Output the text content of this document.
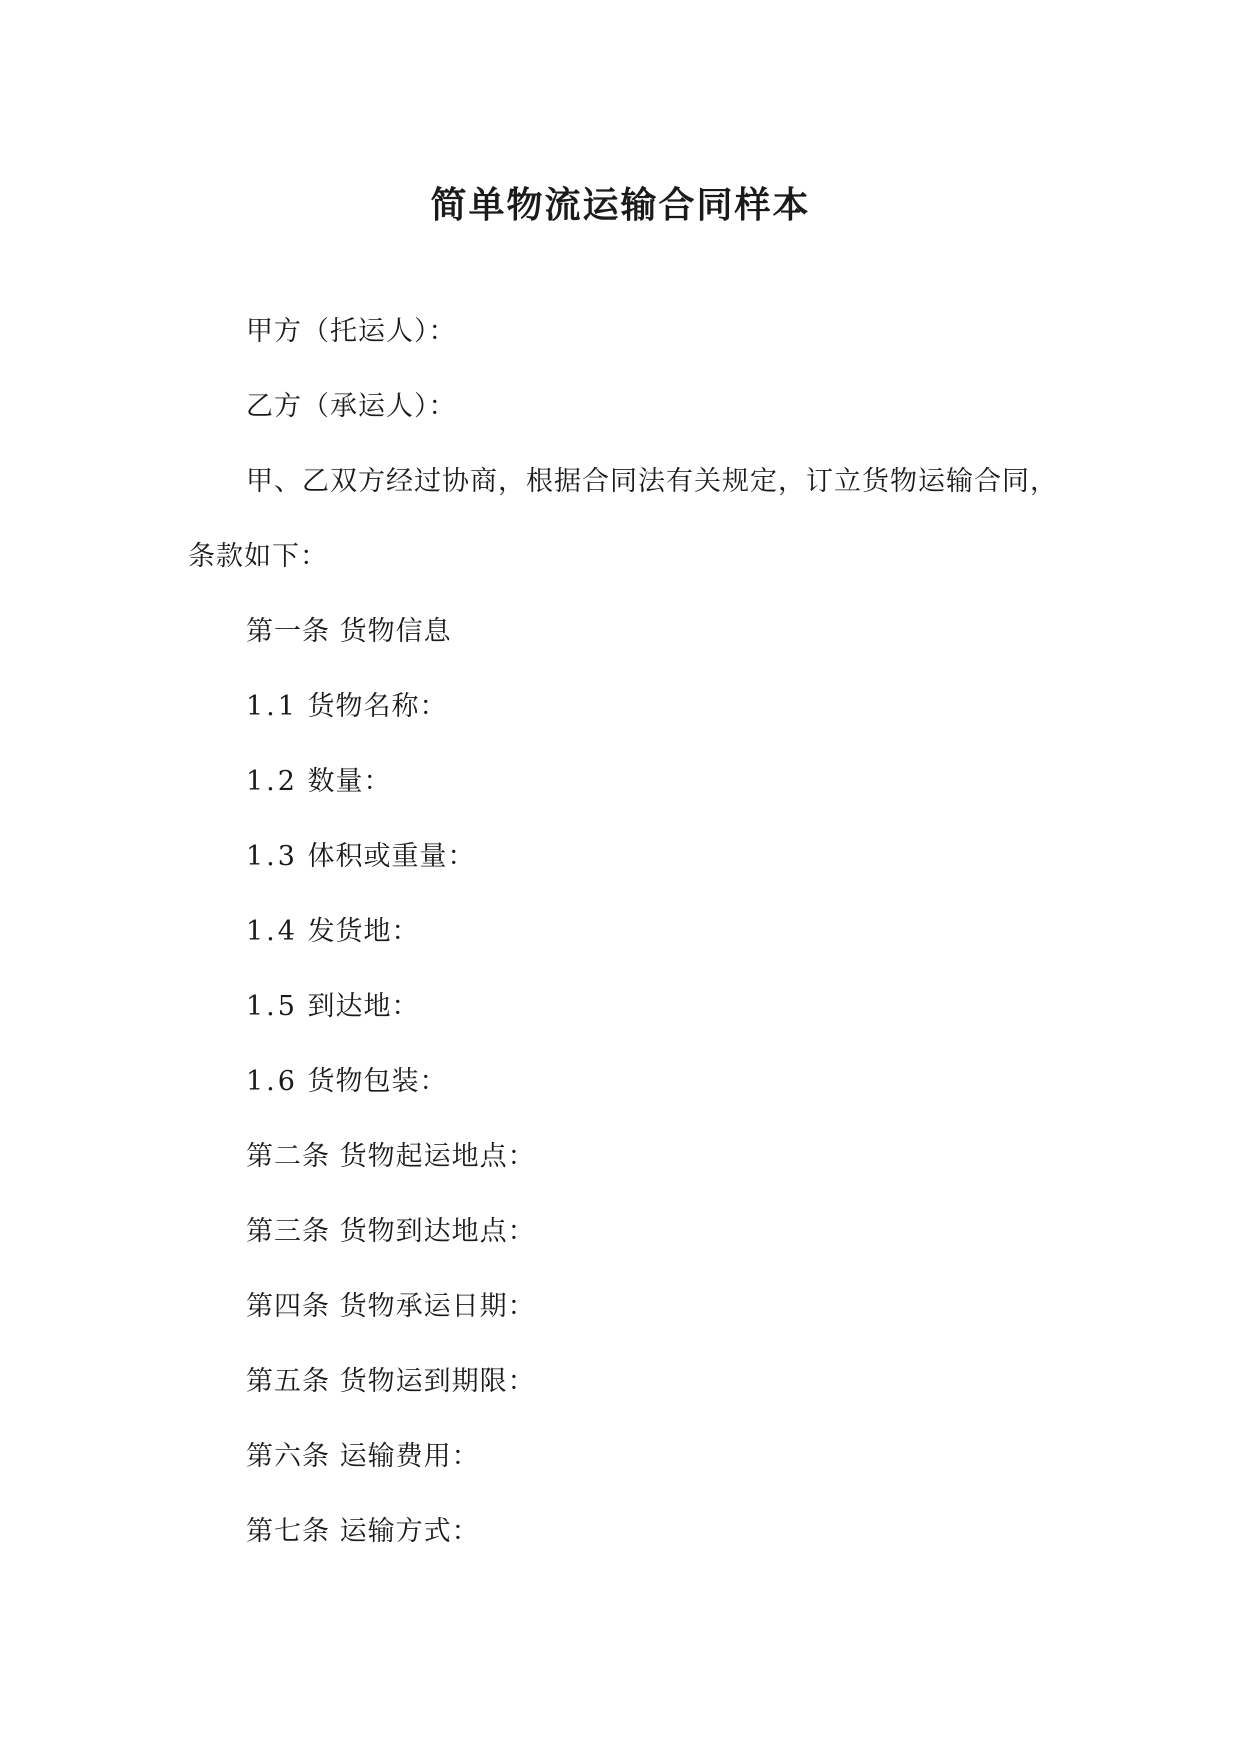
简单物流运输合同样本
甲方（托运人）：
乙方（承运人）：
甲、乙双方经过协商，根据合同法有关规定，订立货物运输合同，
条款如下：
第一条 货物信息
1.1 货物名称：
1.2 数量：
1.3 体积或重量：
1.4 发货地：
1.5 到达地：
1.6 货物包装：
第二条 货物起运地点：
第三条 货物到达地点：
第四条 货物承运日期：
第五条 货物运到期限：
第六条 运输费用：
第七条 运输方式：
